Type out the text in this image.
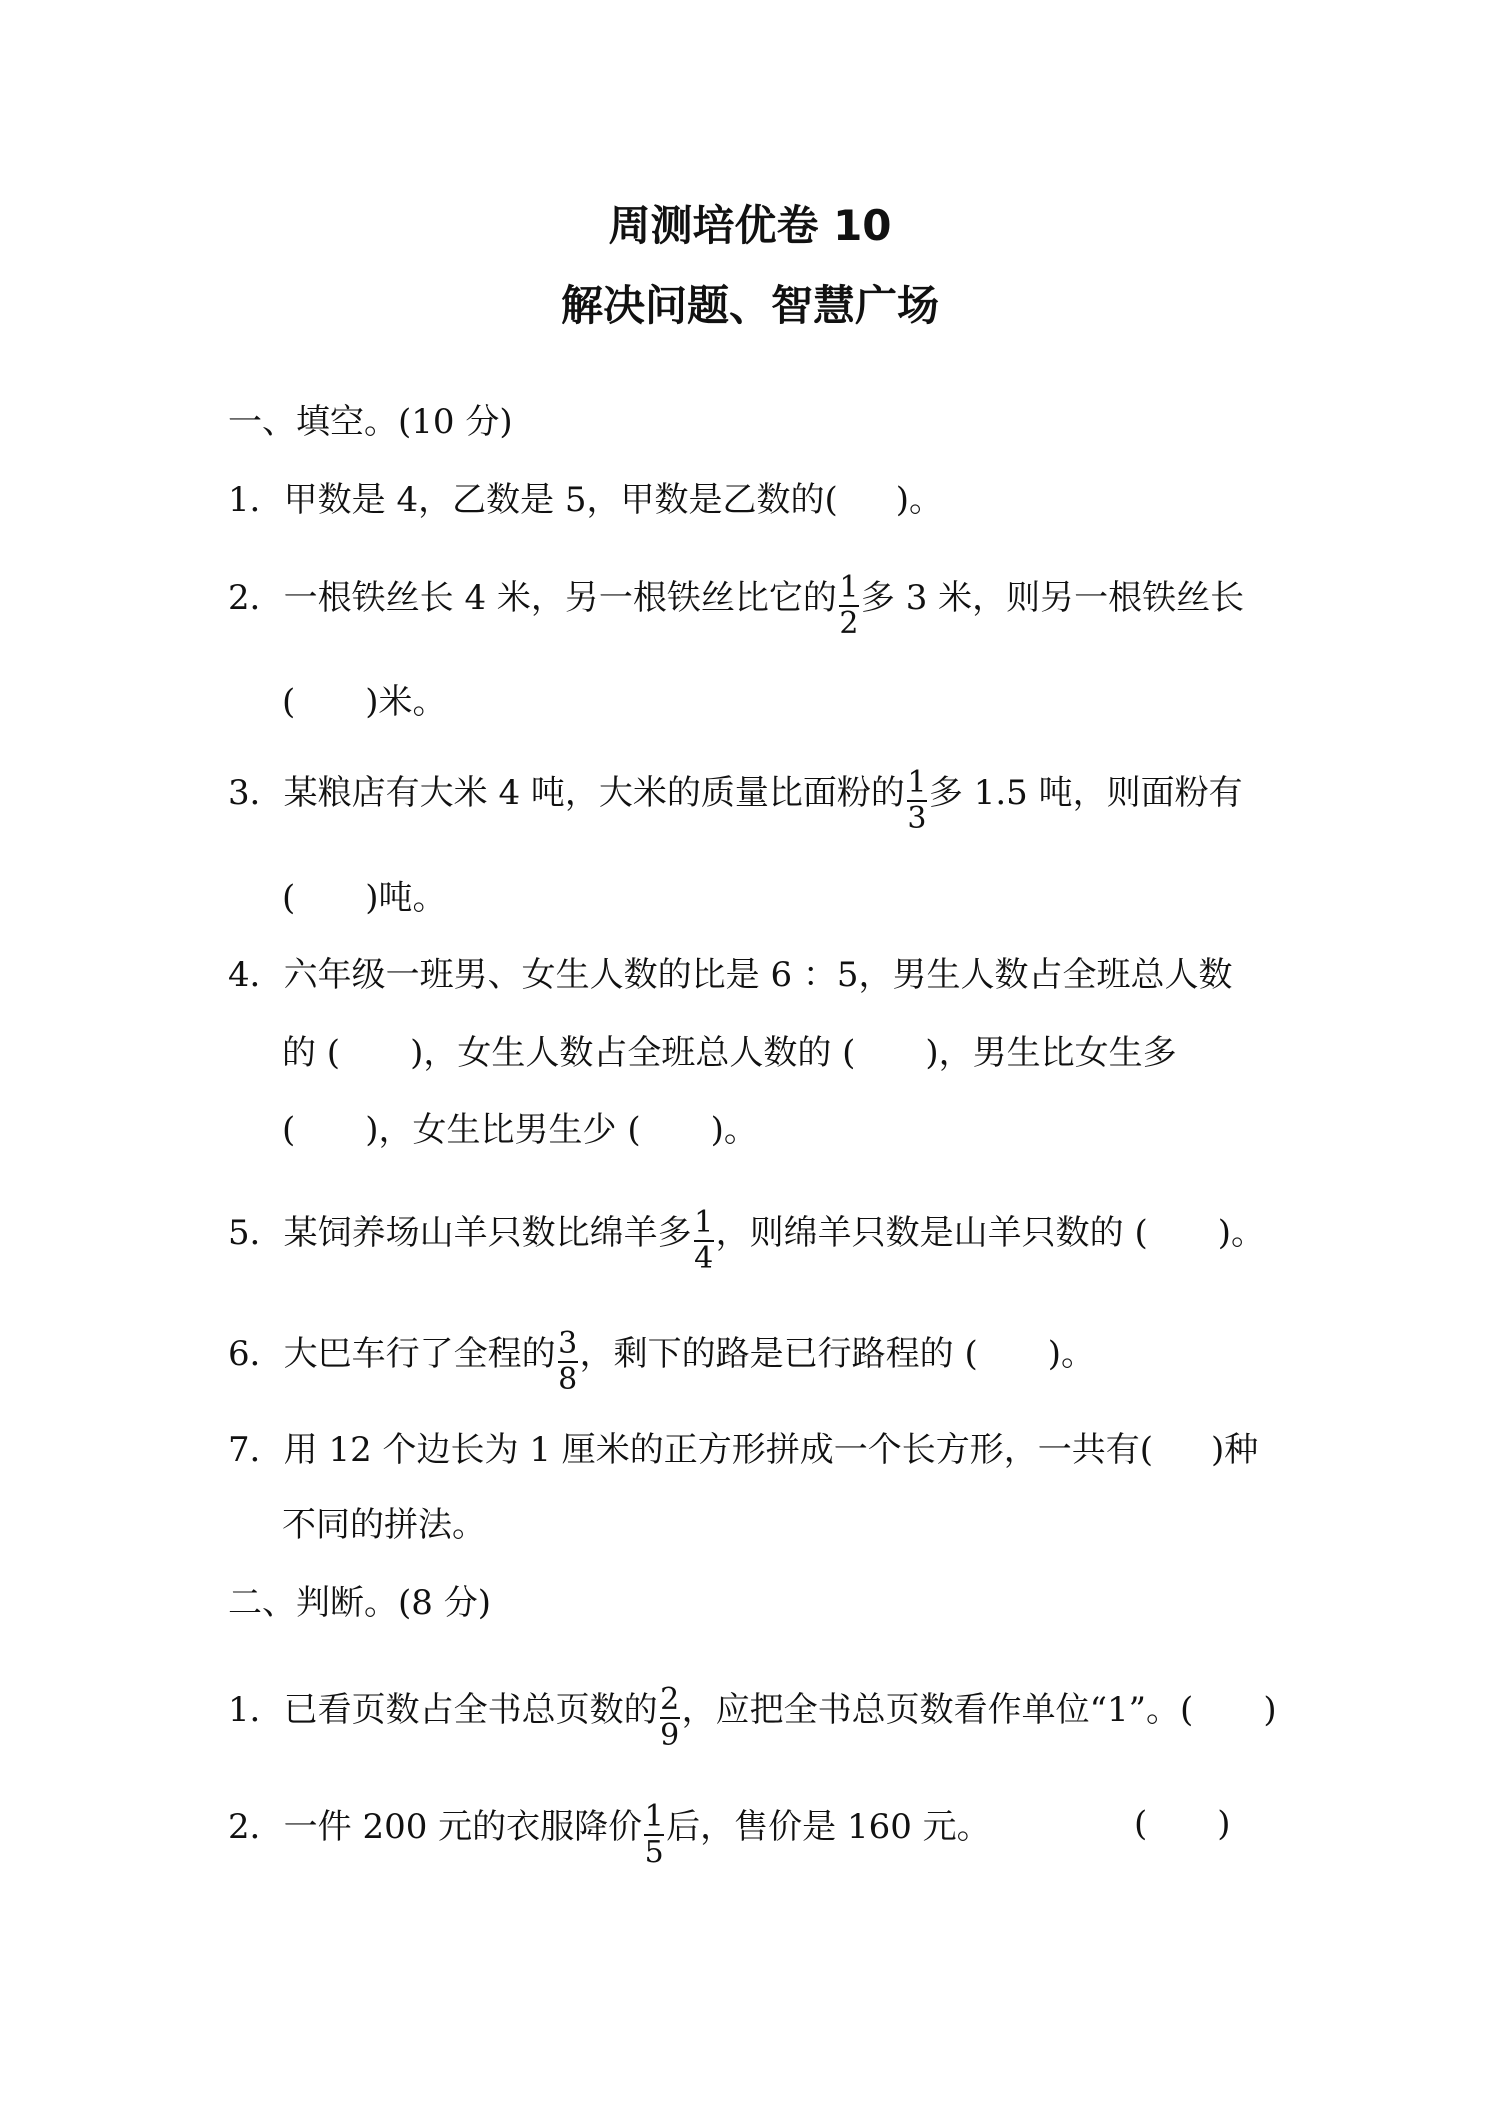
周测培优卷 10
解决问题、智慧广场
一、填空。(10 分)
1．甲数是 4，乙数是 5，甲数是乙数的( )。
2．一根铁丝长 4 米，另一根铁丝比它的 $\frac{1}{2}$ 多 3 米，则另一根铁丝长
( )米。
3．某粮店有大米 4 吨，大米的质量比面粉的 $\frac{1}{3}$ 多 1.5 吨，则面粉有
( )吨。
4．六年级一班男、女生人数的比是 6 ：5，男生人数占全班总人数
的 ( )，女生人数占全班总人数的 ( )，男生比女生多
( )，女生比男生少 ( )。
5．某饲养场山羊只数比绵羊多 $\frac{1}{4}$ ，则绵羊只数是山羊只数的 ( )。
6．大巴车行了全程的 $\frac{3}{8}$ ，剩下的路是已行路程的 ( )。
7．用 12 个边长为 1 厘米的正方形拼成一个长方形，一共有( )种
不同的拼法。
二、判断。(8 分)
1．已看页数占全书总页数的 $\frac{2}{9}$ ，应把全书总页数看作单位“1”。( )
2．一件 200 元的衣服降价 $\frac{1}{5}$ 后，售价是 160 元。	( )
